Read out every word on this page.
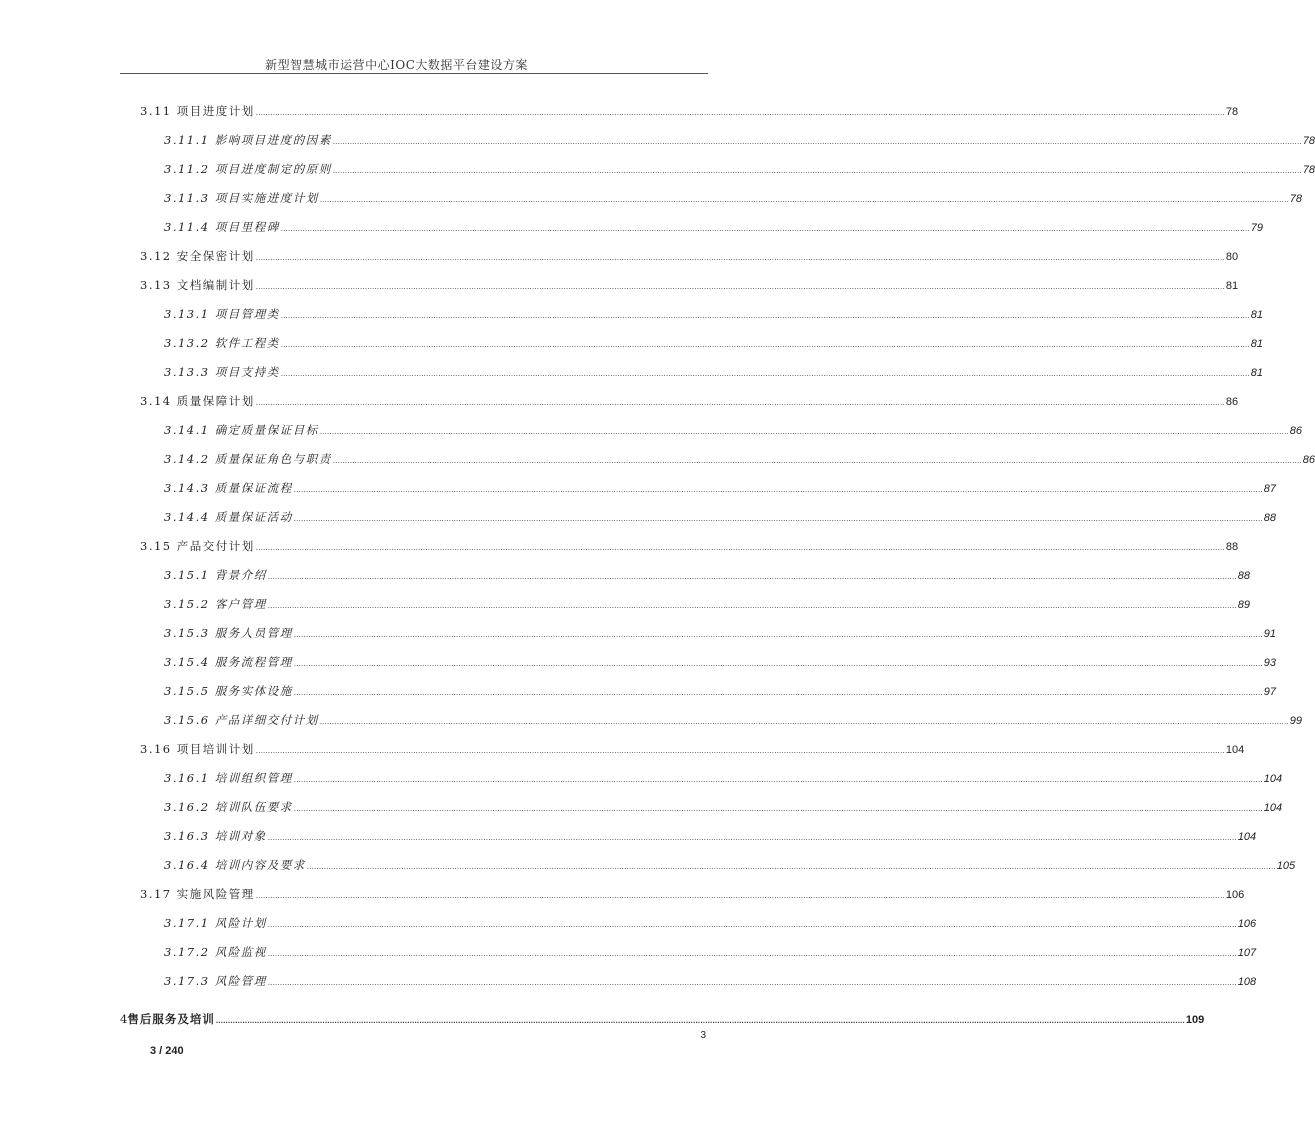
新型智慧城市运营中心IOC大数据平台建设方案
3.11 项目进度计划 ................................................................................................................................................................................................................................................................................................................................................................................................................ 78
3.11.1 影响项目进度的因素 ................................................................................................................................................................................................................................................................................................................................................................................................................ 78
3.11.2 项目进度制定的原则 ................................................................................................................................................................................................................................................................................................................................................................................................................ 78
3.11.3 项目实施进度计划 ................................................................................................................................................................................................................................................................................................................................................................................................................ 78
3.11.4 项目里程碑 ................................................................................................................................................................................................................................................................................................................................................................................................................ 79
3.12 安全保密计划 ................................................................................................................................................................................................................................................................................................................................................................................................................ 80
3.13 文档编制计划 ................................................................................................................................................................................................................................................................................................................................................................................................................ 81
3.13.1 项目管理类 ................................................................................................................................................................................................................................................................................................................................................................................................................ 81
3.13.2 软件工程类 ................................................................................................................................................................................................................................................................................................................................................................................................................ 81
3.13.3 项目支持类 ................................................................................................................................................................................................................................................................................................................................................................................................................ 81
3.14 质量保障计划 ................................................................................................................................................................................................................................................................................................................................................................................................................ 86
3.14.1 确定质量保证目标 ................................................................................................................................................................................................................................................................................................................................................................................................................ 86
3.14.2 质量保证角色与职责 ................................................................................................................................................................................................................................................................................................................................................................................................................ 86
3.14.3 质量保证流程 ................................................................................................................................................................................................................................................................................................................................................................................................................ 87
3.14.4 质量保证活动 ................................................................................................................................................................................................................................................................................................................................................................................................................ 88
3.15 产品交付计划 ................................................................................................................................................................................................................................................................................................................................................................................................................ 88
3.15.1 背景介绍 ................................................................................................................................................................................................................................................................................................................................................................................................................ 88
3.15.2 客户管理 ................................................................................................................................................................................................................................................................................................................................................................................................................ 89
3.15.3 服务人员管理 ................................................................................................................................................................................................................................................................................................................................................................................................................ 91
3.15.4 服务流程管理 ................................................................................................................................................................................................................................................................................................................................................................................................................ 93
3.15.5 服务实体设施 ................................................................................................................................................................................................................................................................................................................................................................................................................ 97
3.15.6 产品详细交付计划 ................................................................................................................................................................................................................................................................................................................................................................................................................ 99
3.16 项目培训计划 ................................................................................................................................................................................................................................................................................................................................................................................................................ 104
3.16.1 培训组织管理 ................................................................................................................................................................................................................................................................................................................................................................................................................ 104
3.16.2 培训队伍要求 ................................................................................................................................................................................................................................................................................................................................................................................................................ 104
3.16.3 培训对象 ................................................................................................................................................................................................................................................................................................................................................................................................................ 104
3.16.4 培训内容及要求 ................................................................................................................................................................................................................................................................................................................................................................................................................ 105
3.17 实施风险管理 ................................................................................................................................................................................................................................................................................................................................................................................................................ 106
3.17.1 风险计划 ................................................................................................................................................................................................................................................................................................................................................................................................................ 106
3.17.2 风险监视 ................................................................................................................................................................................................................................................................................................................................................................................................................ 107
3.17.3 风险管理 ................................................................................................................................................................................................................................................................................................................................................................................................................ 108
4 售后服务及培训 ................................................................................................................................................................................................................................................................................................................................................................................................................ 109
3
3 / 240
